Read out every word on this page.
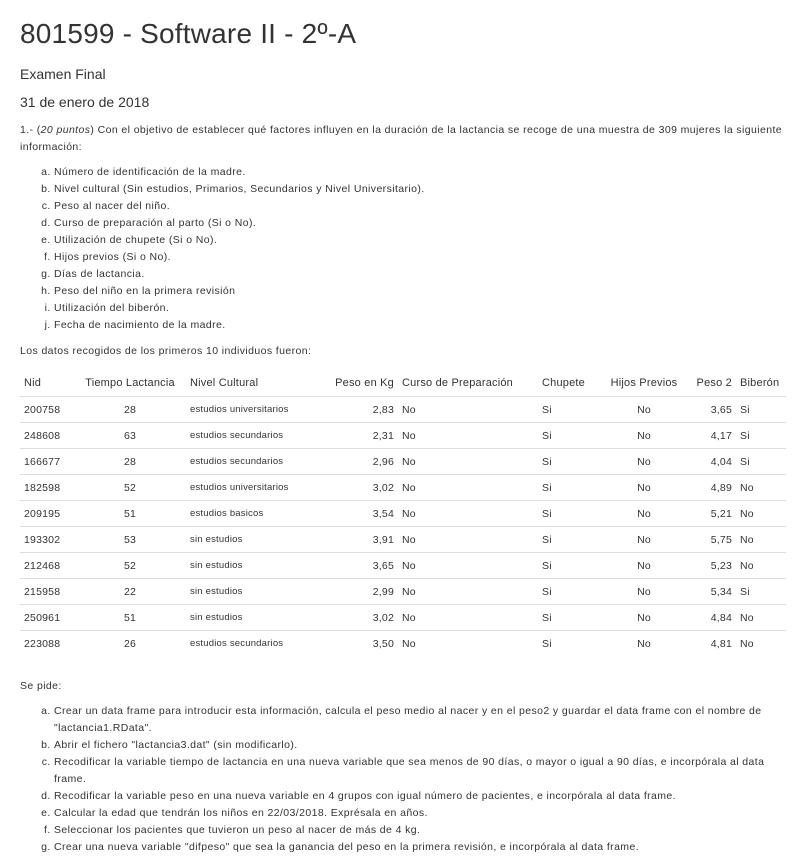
801599 - Software II - 2º-A
Examen Final
31 de enero de 2018

1.- (20 puntos) Con el objetivo de establecer qué factores influyen en la duración de la lactancia se recoge de una muestra de 309 mujeres la siguiente información:

a. Número de identificación de la madre.
b. Nivel cultural (Sin estudios, Primarios, Secundarios y Nivel Universitario).
c. Peso al nacer del niño.
d. Curso de preparación al parto (Si o No).
e. Utilización de chupete (Si o No).
f. Hijos previos (Si o No).
g. Días de lactancia.
h. Peso del niño en la primera revisión
i. Utilización del biberón.
j. Fecha de nacimiento de la madre.

Los datos recogidos de los primeros 10 individuos fueron:

Nid	Tiempo Lactancia	Nivel Cultural	Peso en Kg	Curso de Preparación	Chupete	Hijos Previos	Peso 2	Biberón
200758	28	estudios universitarios	2,83	No	Si	No	3,65	Si
248608	63	estudios secundarios	2,31	No	Si	No	4,17	Si
166677	28	estudios secundarios	2,96	No	Si	No	4,04	Si
182598	52	estudios universitarios	3,02	No	Si	No	4,89	No
209195	51	estudios basicos	3,54	No	Si	No	5,21	No
193302	53	sin estudios	3,91	No	Si	No	5,75	No
212468	52	sin estudios	3,65	No	Si	No	5,23	No
215958	22	sin estudios	2,99	No	Si	No	5,34	Si
250961	51	sin estudios	3,02	No	Si	No	4,84	No
223088	26	estudios secundarios	3,50	No	Si	No	4,81	No

Se pide:

a. Crear un data frame para introducir esta información, calcula el peso medio al nacer y en el peso2 y guardar el data frame con el nombre de "lactancia1.RData".
b. Abrir el fichero "lactancia3.dat" (sin modificarlo).
c. Recodificar la variable tiempo de lactancia en una nueva variable que sea menos de 90 días, o mayor o igual a 90 días, e incorpórala al data frame.
d. Recodificar la variable peso en una nueva variable en 4 grupos con igual número de pacientes, e incorpórala al data frame.
e. Calcular la edad que tendrán los niños en 22/03/2018. Exprésala en años.
f. Seleccionar los pacientes que tuvieron un peso al nacer de más de 4 kg.
g. Crear una nueva variable "difpeso" que sea la ganancia del peso en la primera revisión, e incorpórala al data frame.
